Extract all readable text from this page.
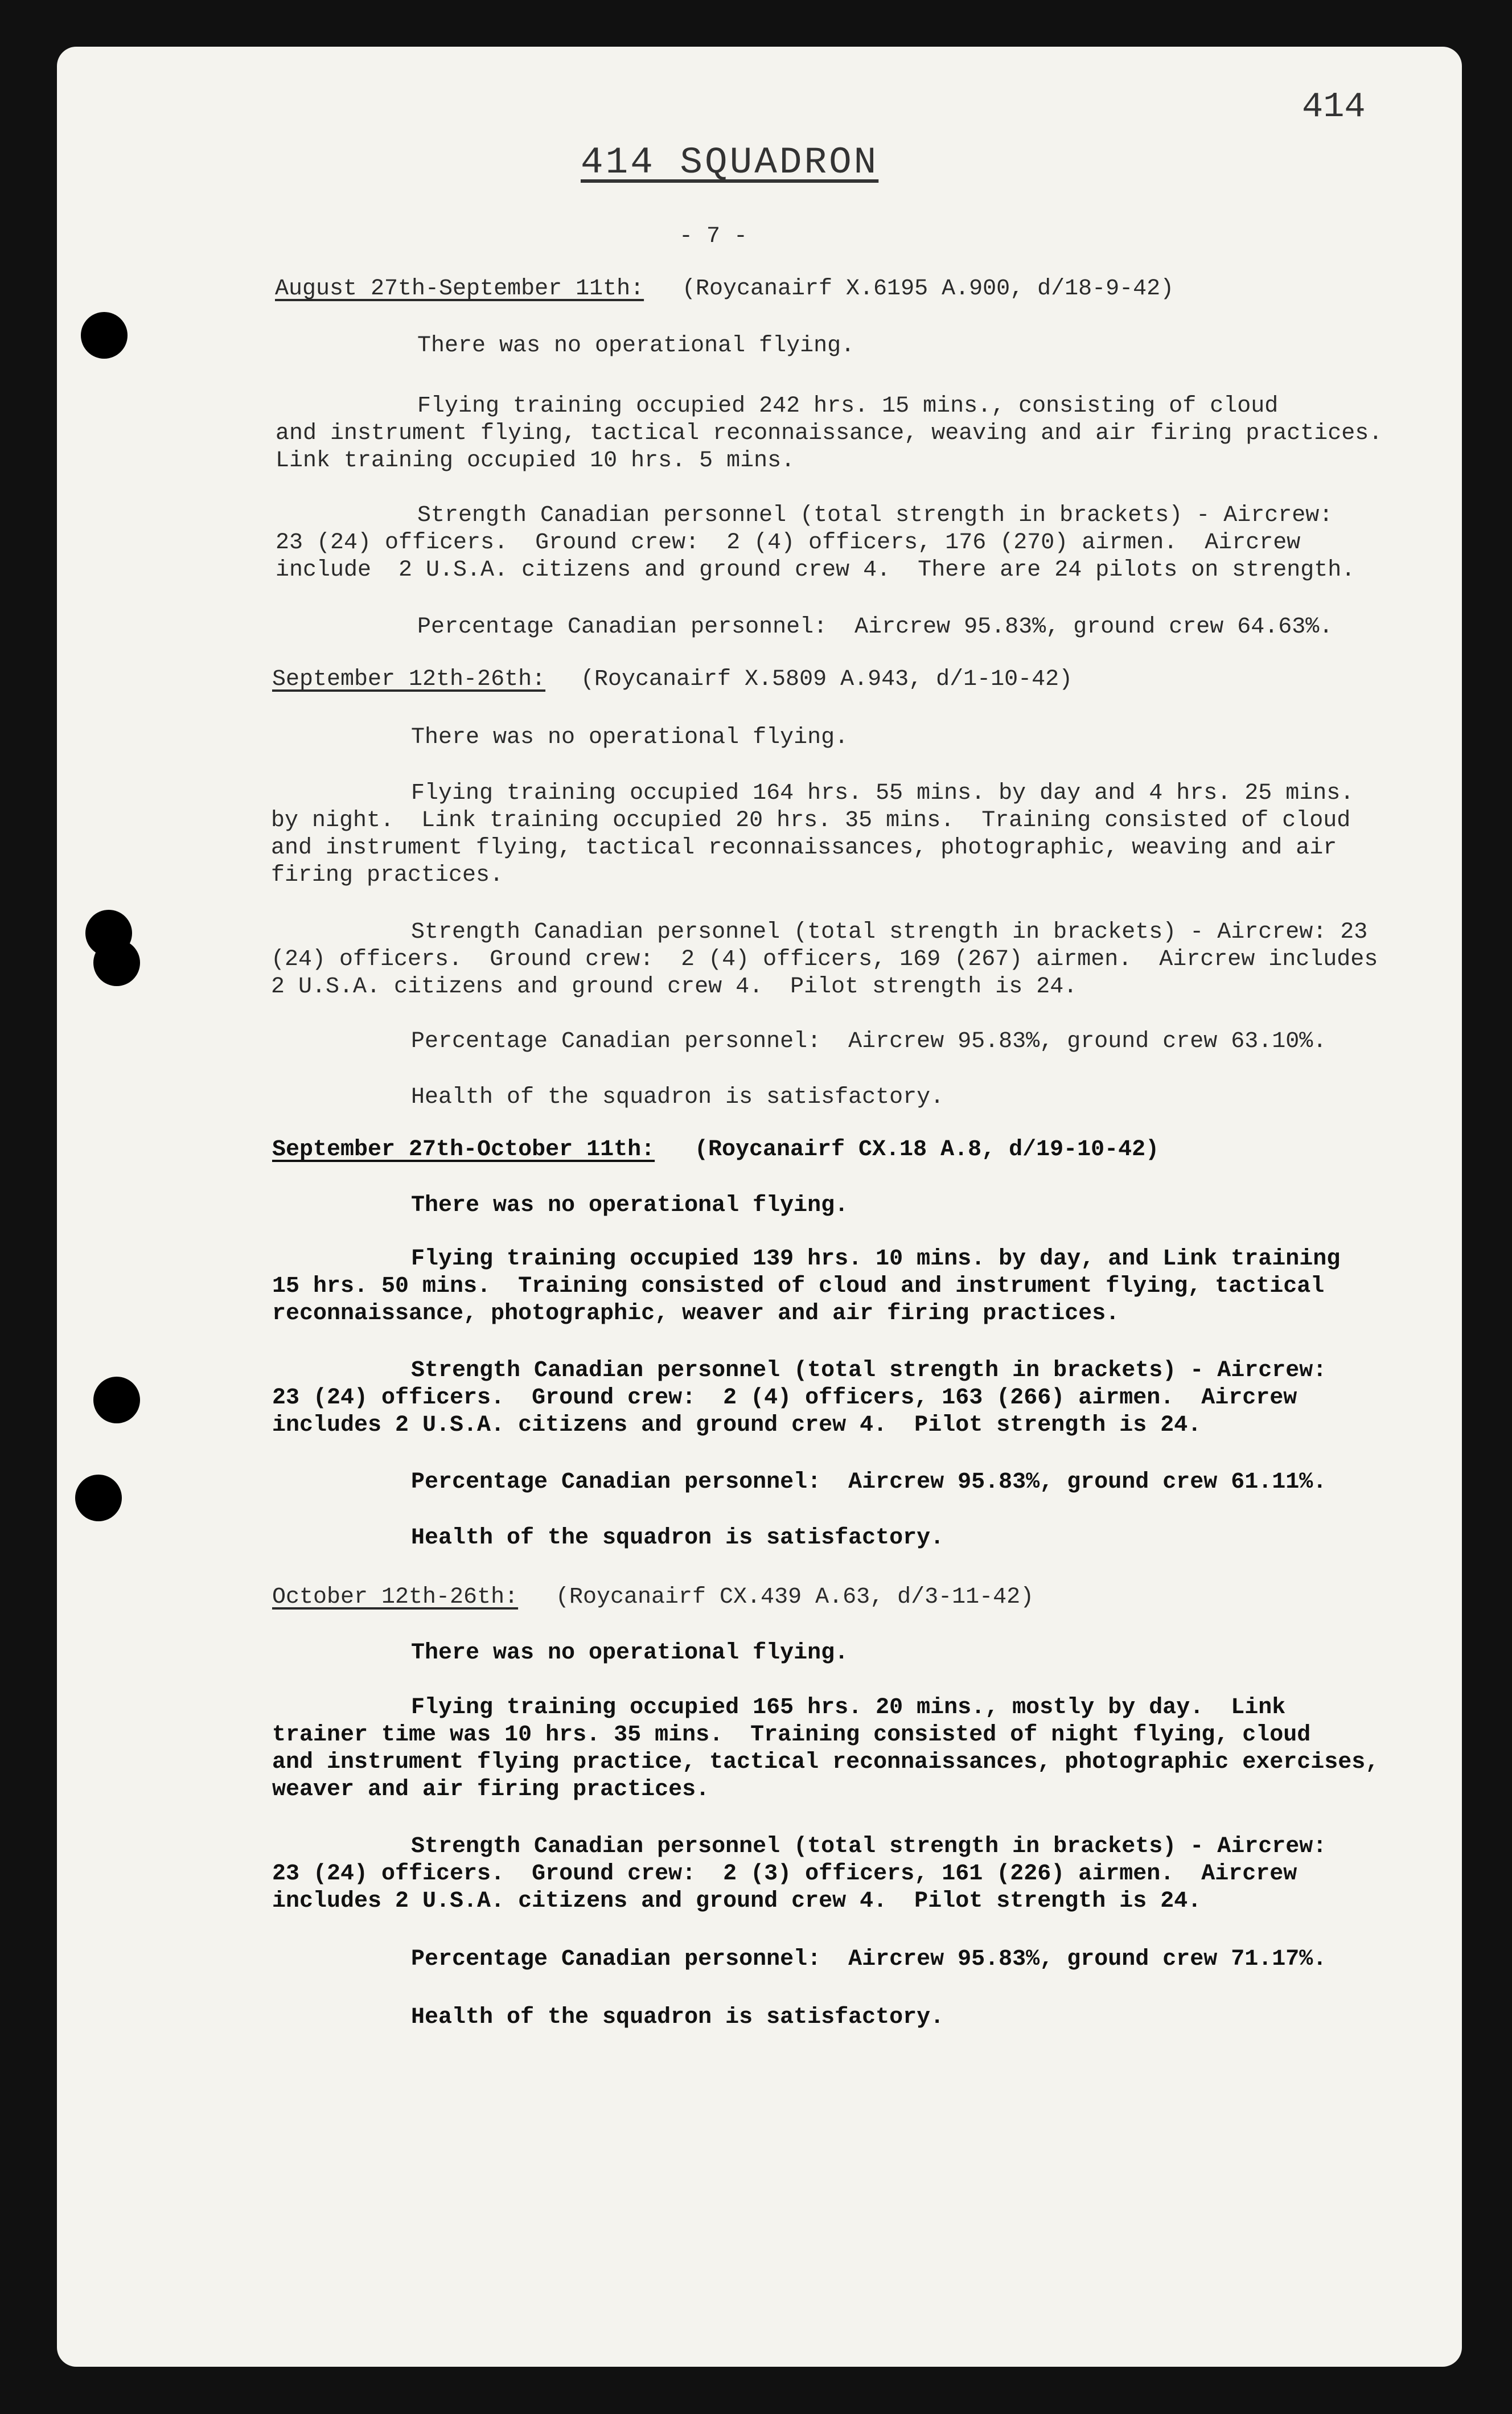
414
414 SQUADRON
- 7 -
August 27th-September 11th: (Roycanairf X.6195 A.900, d/18-9-42)
There was no operational flying.
Flying training occupied 242 hrs. 15 mins., consisting of cloud
and instrument flying, tactical reconnaissance, weaving and air firing practices.
Link training occupied 10 hrs. 5 mins.
Strength Canadian personnel (total strength in brackets) - Aircrew:
23 (24) officers.  Ground crew:  2 (4) officers, 176 (270) airmen.  Aircrew
include  2 U.S.A. citizens and ground crew 4.  There are 24 pilots on strength.
Percentage Canadian personnel:  Aircrew 95.83%, ground crew 64.63%.
September 12th-26th: (Roycanairf X.5809 A.943, d/1-10-42)
There was no operational flying.
Flying training occupied 164 hrs. 55 mins. by day and 4 hrs. 25 mins.
by night.  Link training occupied 20 hrs. 35 mins.  Training consisted of cloud
and instrument flying, tactical reconnaissances, photographic, weaving and air
firing practices.
Strength Canadian personnel (total strength in brackets) - Aircrew: 23
(24) officers.  Ground crew:  2 (4) officers, 169 (267) airmen.  Aircrew includes
2 U.S.A. citizens and ground crew 4.  Pilot strength is 24.
Percentage Canadian personnel:  Aircrew 95.83%, ground crew 63.10%.
Health of the squadron is satisfactory.
September 27th-October 11th: (Roycanairf CX.18 A.8, d/19-10-42)
There was no operational flying.
Flying training occupied 139 hrs. 10 mins. by day, and Link training
15 hrs. 50 mins.  Training consisted of cloud and instrument flying, tactical
reconnaissance, photographic, weaver and air firing practices.
Strength Canadian personnel (total strength in brackets) - Aircrew:
23 (24) officers.  Ground crew:  2 (4) officers, 163 (266) airmen.  Aircrew
includes 2 U.S.A. citizens and ground crew 4.  Pilot strength is 24.
Percentage Canadian personnel:  Aircrew 95.83%, ground crew 61.11%.
Health of the squadron is satisfactory.
October 12th-26th: (Roycanairf CX.439 A.63, d/3-11-42)
There was no operational flying.
Flying training occupied 165 hrs. 20 mins., mostly by day.  Link
trainer time was 10 hrs. 35 mins.  Training consisted of night flying, cloud
and instrument flying practice, tactical reconnaissances, photographic exercises,
weaver and air firing practices.
Strength Canadian personnel (total strength in brackets) - Aircrew:
23 (24) officers.  Ground crew:  2 (3) officers, 161 (226) airmen.  Aircrew
includes 2 U.S.A. citizens and ground crew 4.  Pilot strength is 24.
Percentage Canadian personnel:  Aircrew 95.83%, ground crew 71.17%.
Health of the squadron is satisfactory.
